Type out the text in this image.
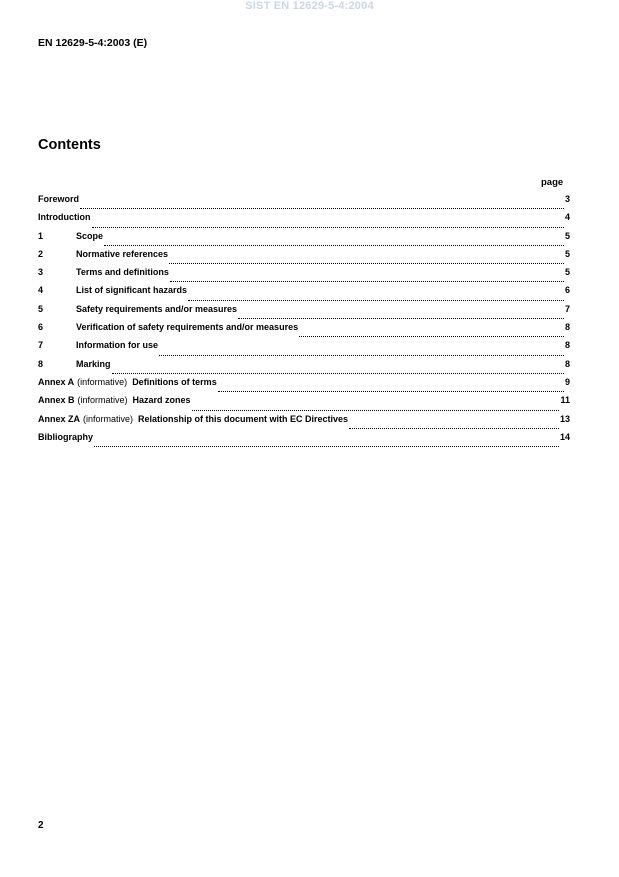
SIST EN 12629-5-4:2004
EN 12629-5-4:2003 (E)
Contents
page
Foreword	3
Introduction	4
1	Scope	5
2	Normative references	5
3	Terms and definitions	5
4	List of significant hazards	6
5	Safety requirements and/or measures	7
6	Verification of safety requirements and/or measures	8
7	Information for use	8
8	Marking	8
Annex A (informative) Definitions of terms	9
Annex B (informative) Hazard zones	11
Annex ZA (informative) Relationship of this document with EC Directives	13
Bibliography	14
2
